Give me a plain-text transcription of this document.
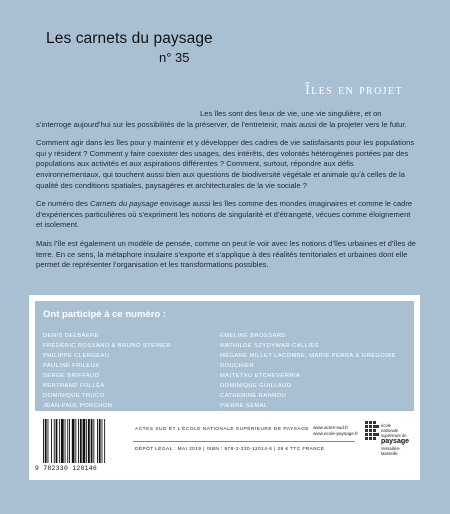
Les carnets du paysage
n° 35
Îles en projet

Les îles sont des lieux de vie, une vie singulière, et on s’interroge aujourd’hui sur les possibilités de la préserver, de l’entretenir, mais aussi de la projeter vers le futur.

Comment agir dans les îles pour y maintenir et y développer des cadres de vie satisfaisants pour les populations qui y résident ? Comment y faire coexister des usages, des intérêts, des volontés hétérogènes portées par des populations aux activités et aux aspirations différentes ? Comment, surtout, répondre aux défis environnementaux, qui touchent aussi bien aux questions de biodiversité végétale et animale qu’à celles de la qualité des conditions spatiales, paysagères et architecturales de la vie sociale ?

Ce numéro des Carnets du paysage envisage aussi les îles comme des mondes imaginaires et comme le cadre d’expériences particulières où s’expriment les notions de singularité et d’étrangeté, vécues comme éloignement et isolement.

Mais l’île est également un modèle de pensée, comme on peut le voir avec les notions d’îles urbaines et d’îles de terre. En ce sens, la métaphore insulaire s’exporte et s’applique à des réalités territoriales et urbaines dont elle permet de représenter l’organisation et les transformations possibles.

Ont participé à ce numéro :
DENIS DELBAERE
FRÉDÉRIC ROSSANO & BRUNO STEINER
PHILIPPE CLERGEAU
PAULINE FRILEUX
SERGE BRIFFAUD
BERTRAND FOLLÉA
DOMINIQUE TRUCO
JEAN-PAUL PORCHON
ÉMELINE BROSSARD
MATHILDE SZYDYWAR-CALLIES
MÉGANE MILLET LACOMBE, MARIE PERRA & GRÉGOIRE ROUCHIER
MAITETXU ETCHEVERRIA
DOMINIQUE GUILLAUD
CATHERINE RANNOU
PIERRE SEMAL
NICOLAS MICHEL
9 782330 120146
ACTES SUD ET L’ÉCOLE NATIONALE SUPÉRIEURE DE PAYSAGE www.actes-sud.fr
www.ecole-paysage.fr
DÉPÔT LÉGAL : MAI 2019 | ISBN : 978-2-330-12014-6 | 28 € TTC FRANCE
école
nationale
supérieure de
paysage
Versailles-Marseille
